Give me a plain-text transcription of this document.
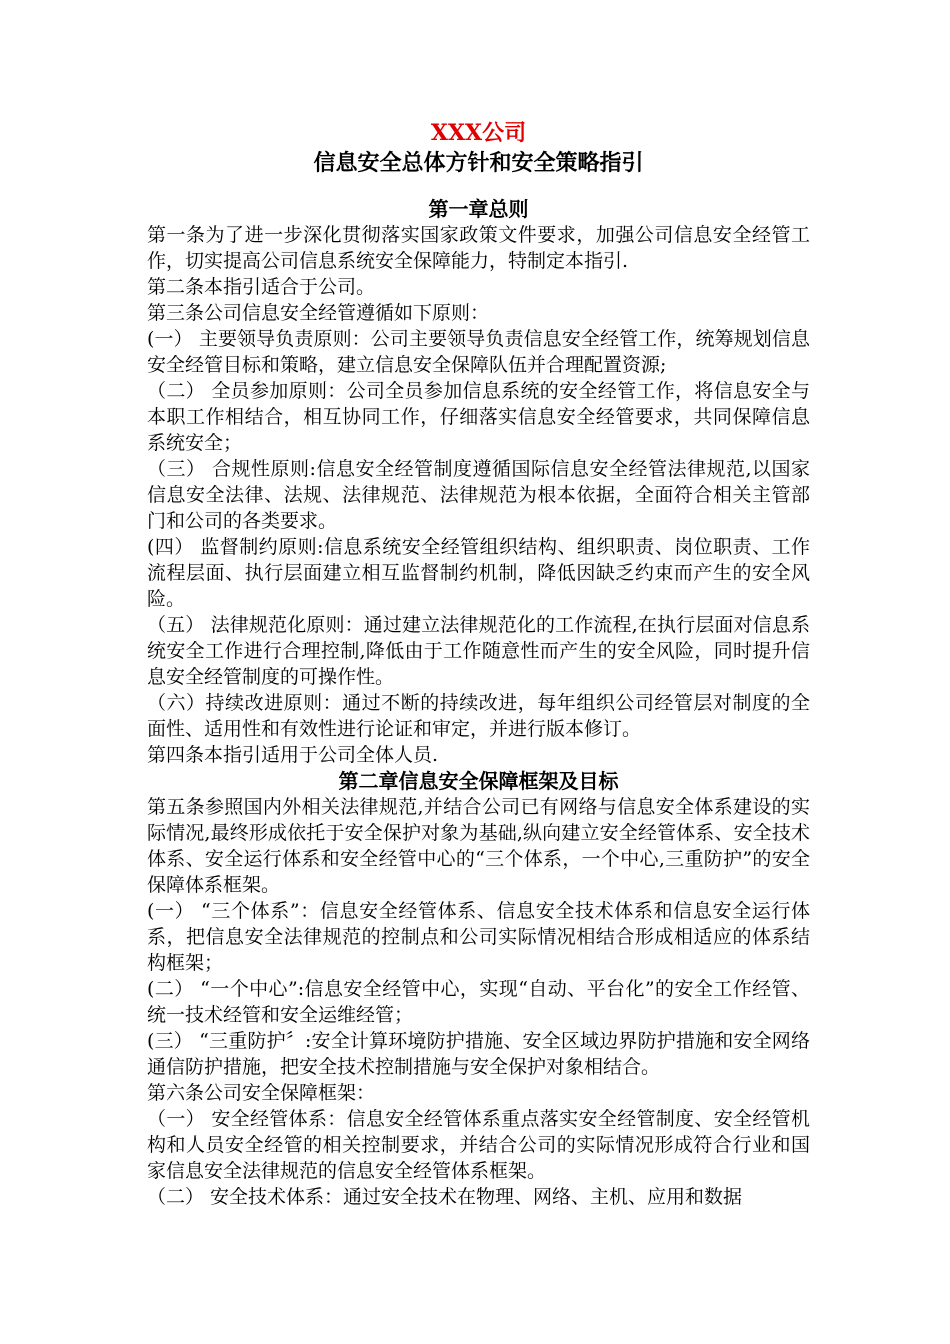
XXX公司
信息安全总体方针和安全策略指引
第一章总则

第一条为了进一步深化贯彻落实国家政策文件要求，加强公司信息安全经管工作，切实提高公司信息系统安全保障能力，特制定本指引.

第二条本指引适合于公司。

第三条公司信息安全经管遵循如下原则：

(一） 主要领导负责原则：公司主要领导负责信息安全经管工作，统筹规划信息安全经管目标和策略，建立信息安全保障队伍并合理配置资源;

（二） 全员参加原则：公司全员参加信息系统的安全经管工作，将信息安全与本职工作相结合，相互协同工作，仔细落实信息安全经管要求，共同保障信息系统安全；

（三） 合规性原则:信息安全经管制度遵循国际信息安全经管法律规范,以国家信息安全法律、法规、法律规范、法律规范为根本依据，全面符合相关主管部门和公司的各类要求。

(四） 监督制约原则:信息系统安全经管组织结构、组织职责、岗位职责、工作流程层面、执行层面建立相互监督制约机制，降低因缺乏约束而产生的安全风险。

（五） 法律规范化原则：通过建立法律规范化的工作流程,在执行层面对信息系统安全工作进行合理控制,降低由于工作随意性而产生的安全风险，同时提升信息安全经管制度的可操作性。

（六）持续改进原则：通过不断的持续改进，每年组织公司经管层对制度的全面性、适用性和有效性进行论证和审定，并进行版本修订。

第四条本指引适用于公司全体人员.

第二章信息安全保障框架及目标

第五条参照国内外相关法律规范,并结合公司已有网络与信息安全体系建设的实际情况,最终形成依托于安全保护对象为基础,纵向建立安全经管体系、安全技术体系、安全运行体系和安全经管中心的“三个体系，一个中心,三重防护”的安全保障体系框架。

(一） “三个体系”：信息安全经管体系、信息安全技术体系和信息安全运行体系，把信息安全法律规范的控制点和公司实际情况相结合形成相适应的体系结构框架；

(二） “一个中心”:信息安全经管中心，实现“自动、平台化”的安全工作经管、统一技术经管和安全运维经管；

(三） “三重防护〞:安全计算环境防护措施、安全区域边界防护措施和安全网络通信防护措施，把安全技术控制措施与安全保护对象相结合。

第六条公司安全保障框架：

（一） 安全经管体系：信息安全经管体系重点落实安全经管制度、安全经管机构和人员安全经管的相关控制要求，并结合公司的实际情况形成符合行业和国家信息安全法律规范的信息安全经管体系框架。

（二） 安全技术体系：通过安全技术在物理、网络、主机、应用和数据
